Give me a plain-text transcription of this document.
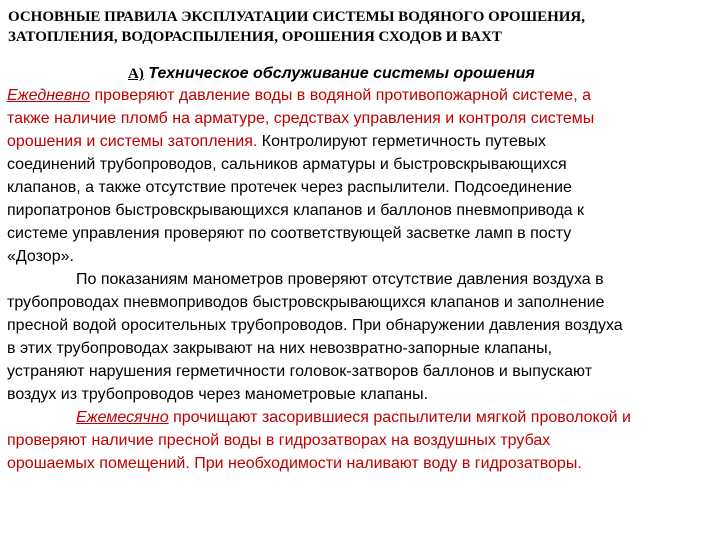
ОСНОВНЫЕ ПРАВИЛА ЭКСПЛУАТАЦИИ СИСТЕМЫ ВОДЯНОГО ОРОШЕНИЯ,
ЗАТОПЛЕНИЯ, ВОДОРАСПЫЛЕНИЯ, ОРОШЕНИЯ СХОДОВ И ВАХТ
А) Техническое обслуживание системы орошения
Ежедневно проверяют давление воды в водяной противопожарной системе, а
также наличие пломб на арматуре, средствах управления и контроля системы
орошения и системы затопления. Контролируют герметичность путевых
соединений трубопроводов, сальников арматуры и быстровскрывающихся
клапанов, а также отсутствие протечек через распылители. Подсоединение
пиропатронов быстровскрывающихся клапанов и баллонов пневмопривода к
системе управления проверяют по соответствующей засветке ламп в посту
«Дозор».
По показаниям манометров проверяют отсутствие давления воздуха в
трубопроводах пневмоприводов быстровскрывающихся клапанов и заполнение
пресной водой оросительных трубопроводов. При обнаружении давления воздуха
в этих трубопроводах закрывают на них невозвратно-запорные клапаны,
устраняют нарушения герметичности головок-затворов баллонов и выпускают
воздух из трубопроводов через манометровые клапаны.
Ежемесячно прочищают засорившиеся распылители мягкой проволокой и
проверяют наличие пресной воды в гидрозатворах на воздушных трубах
орошаемых помещений. При необходимости наливают воду в гидрозатворы.
